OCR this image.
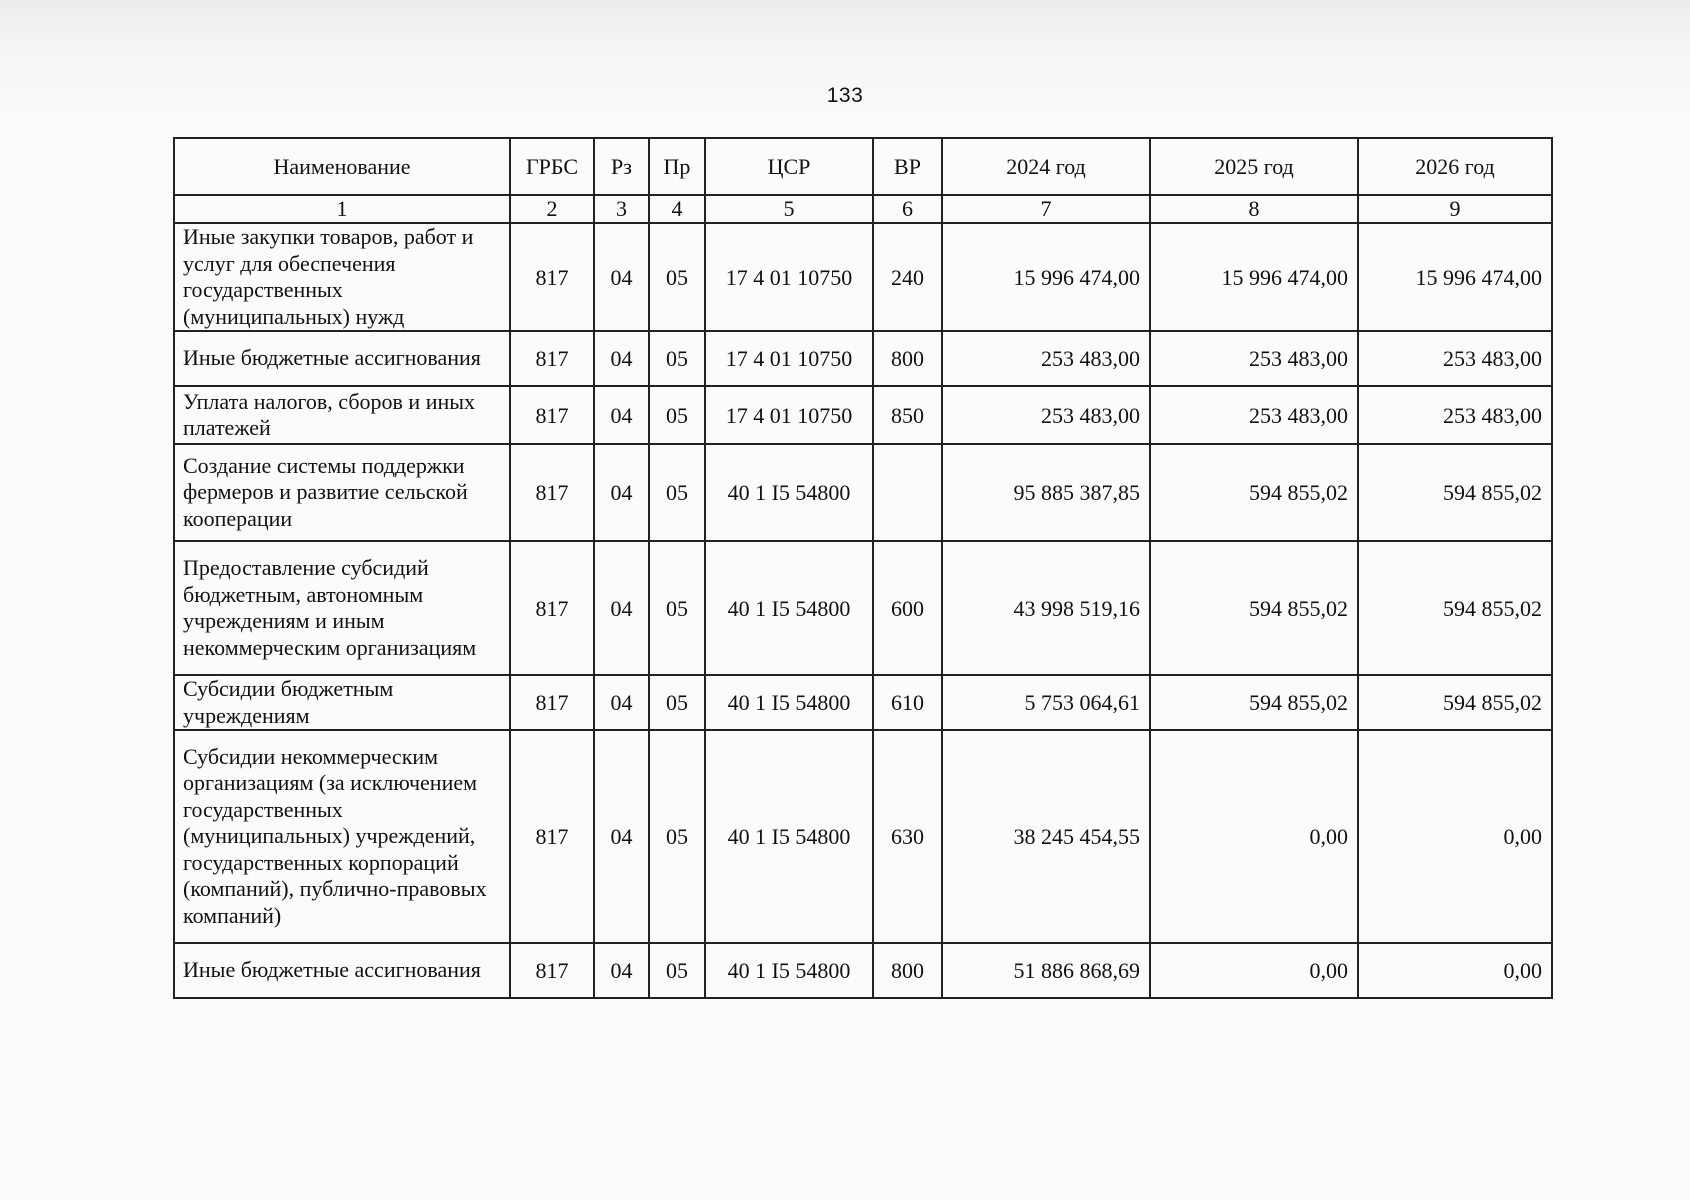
133
Наименование	ГРБС	Рз	Пр	ЦСР	ВР	2024 год	2025 год	2026 год
1	2	3	4	5	6	7	8	9
Иные закупки товаров, работ и услуг для обеспечения государственных (муниципальных) нужд	817	04	05	17 4 01 10750	240	15 996 474,00	15 996 474,00	15 996 474,00
Иные бюджетные ассигнования	817	04	05	17 4 01 10750	800	253 483,00	253 483,00	253 483,00
Уплата налогов, сборов и иных платежей	817	04	05	17 4 01 10750	850	253 483,00	253 483,00	253 483,00
Создание системы поддержки фермеров и развитие сельской кооперации	817	04	05	40 1 I5 54800		95 885 387,85	594 855,02	594 855,02
Предоставление субсидий бюджетным, автономным учреждениям и иным некоммерческим организациям	817	04	05	40 1 I5 54800	600	43 998 519,16	594 855,02	594 855,02
Субсидии бюджетным учреждениям	817	04	05	40 1 I5 54800	610	5 753 064,61	594 855,02	594 855,02
Субсидии некоммерческим организациям (за исключением государственных (муниципальных) учреждений, государственных корпораций (компаний), публично-правовых компаний)	817	04	05	40 1 I5 54800	630	38 245 454,55	0,00	0,00
Иные бюджетные ассигнования	817	04	05	40 1 I5 54800	800	51 886 868,69	0,00	0,00
